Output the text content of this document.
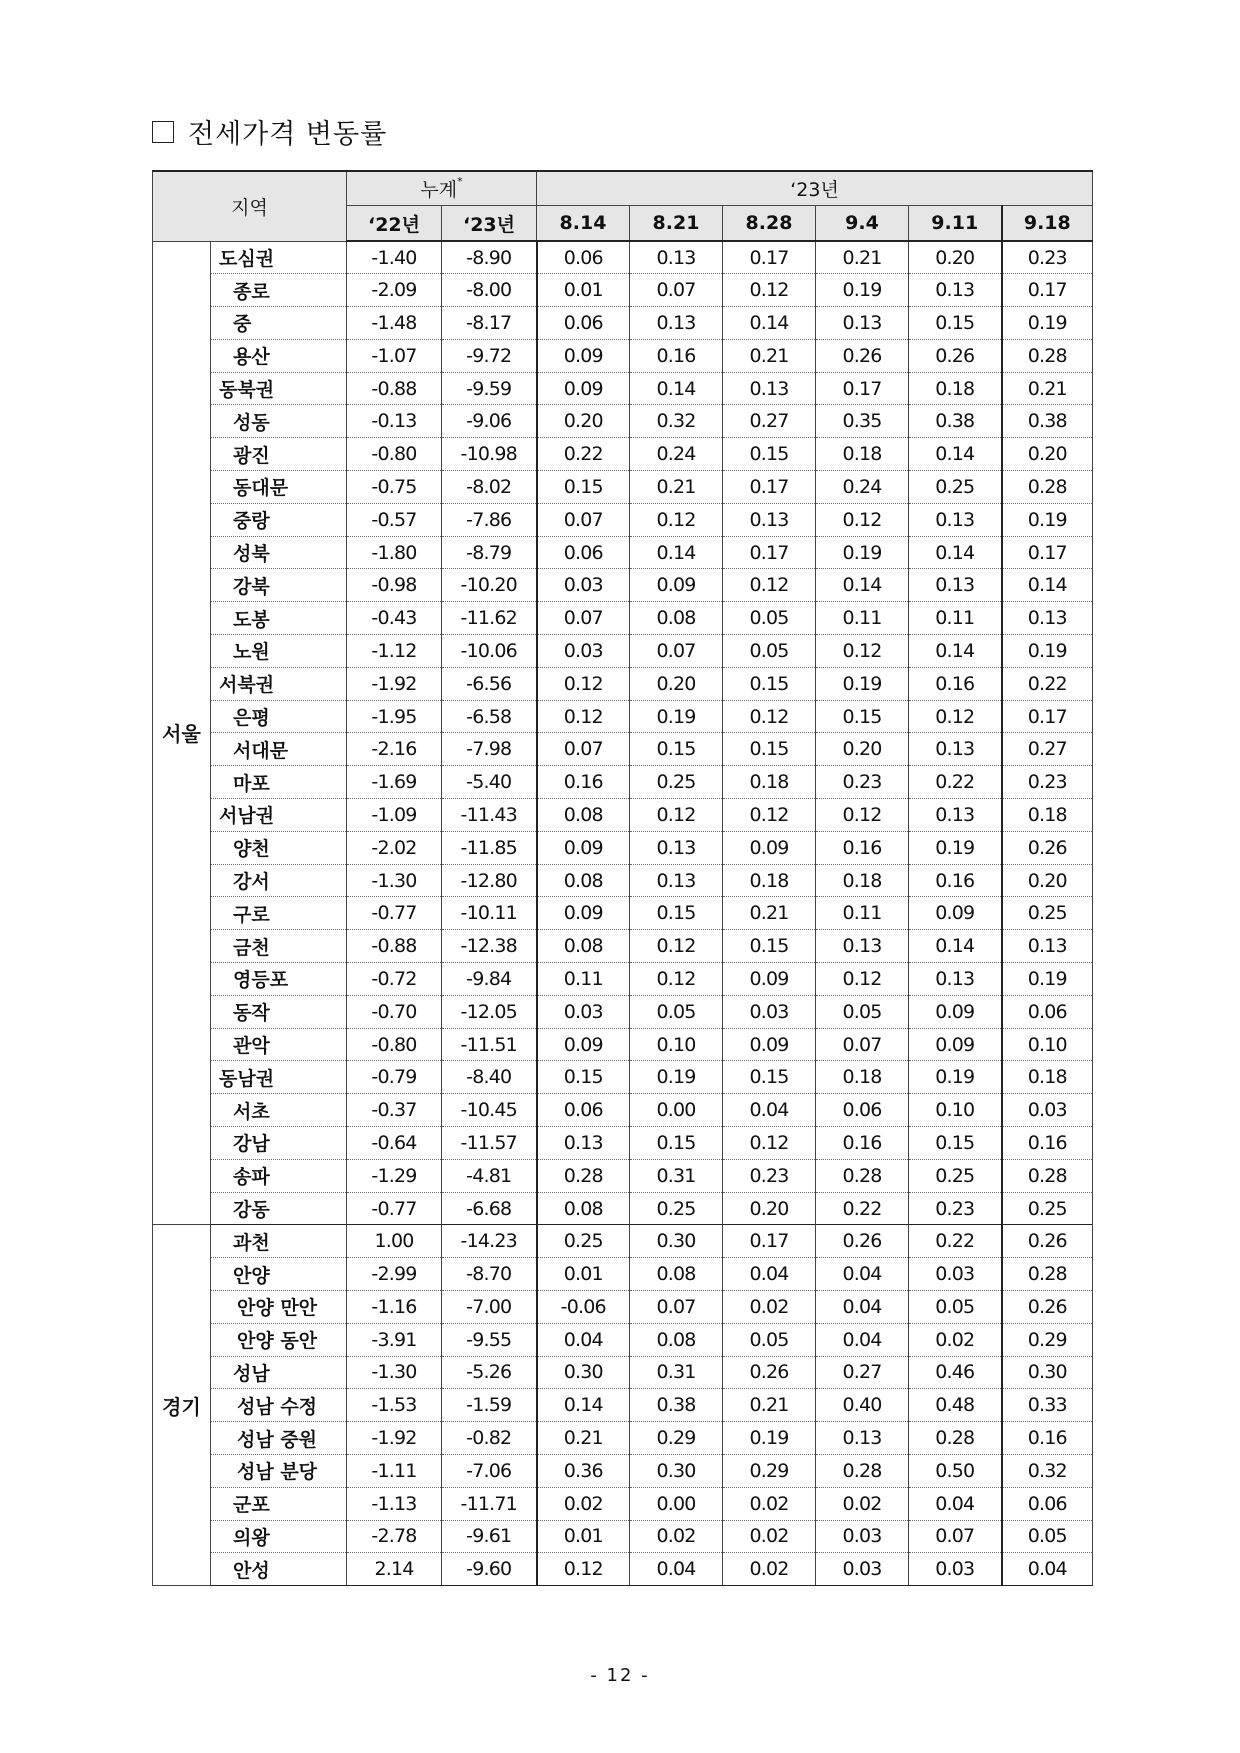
전세가격 변동률
지역		누계*		‘23년					
		‘22년	‘23년	8.14	8.21	8.28	9.4	9.11	9.18
서울	도심권	-1.40	-8.90	0.06	0.13	0.17	0.21	0.20	0.23
	종로	-2.09	-8.00	0.01	0.07	0.12	0.19	0.13	0.17
	중	-1.48	-8.17	0.06	0.13	0.14	0.13	0.15	0.19
	용산	-1.07	-9.72	0.09	0.16	0.21	0.26	0.26	0.28
	동북권	-0.88	-9.59	0.09	0.14	0.13	0.17	0.18	0.21
	성동	-0.13	-9.06	0.20	0.32	0.27	0.35	0.38	0.38
	광진	-0.80	-10.98	0.22	0.24	0.15	0.18	0.14	0.20
	동대문	-0.75	-8.02	0.15	0.21	0.17	0.24	0.25	0.28
	중랑	-0.57	-7.86	0.07	0.12	0.13	0.12	0.13	0.19
	성북	-1.80	-8.79	0.06	0.14	0.17	0.19	0.14	0.17
	강북	-0.98	-10.20	0.03	0.09	0.12	0.14	0.13	0.14
	도봉	-0.43	-11.62	0.07	0.08	0.05	0.11	0.11	0.13
	노원	-1.12	-10.06	0.03	0.07	0.05	0.12	0.14	0.19
	서북권	-1.92	-6.56	0.12	0.20	0.15	0.19	0.16	0.22
	은평	-1.95	-6.58	0.12	0.19	0.12	0.15	0.12	0.17
	서대문	-2.16	-7.98	0.07	0.15	0.15	0.20	0.13	0.27
	마포	-1.69	-5.40	0.16	0.25	0.18	0.23	0.22	0.23
	서남권	-1.09	-11.43	0.08	0.12	0.12	0.12	0.13	0.18
	양천	-2.02	-11.85	0.09	0.13	0.09	0.16	0.19	0.26
	강서	-1.30	-12.80	0.08	0.13	0.18	0.18	0.16	0.20
	구로	-0.77	-10.11	0.09	0.15	0.21	0.11	0.09	0.25
	금천	-0.88	-12.38	0.08	0.12	0.15	0.13	0.14	0.13
	영등포	-0.72	-9.84	0.11	0.12	0.09	0.12	0.13	0.19
	동작	-0.70	-12.05	0.03	0.05	0.03	0.05	0.09	0.06
	관악	-0.80	-11.51	0.09	0.10	0.09	0.07	0.09	0.10
	동남권	-0.79	-8.40	0.15	0.19	0.15	0.18	0.19	0.18
	서초	-0.37	-10.45	0.06	0.00	0.04	0.06	0.10	0.03
	강남	-0.64	-11.57	0.13	0.15	0.12	0.16	0.15	0.16
	송파	-1.29	-4.81	0.28	0.31	0.23	0.28	0.25	0.28
	강동	-0.77	-6.68	0.08	0.25	0.20	0.22	0.23	0.25
경기	과천	1.00	-14.23	0.25	0.30	0.17	0.26	0.22	0.26
	안양	-2.99	-8.70	0.01	0.08	0.04	0.04	0.03	0.28
	안양 만안	-1.16	-7.00	-0.06	0.07	0.02	0.04	0.05	0.26
	안양 동안	-3.91	-9.55	0.04	0.08	0.05	0.04	0.02	0.29
	성남	-1.30	-5.26	0.30	0.31	0.26	0.27	0.46	0.30
	성남 수정	-1.53	-1.59	0.14	0.38	0.21	0.40	0.48	0.33
	성남 중원	-1.92	-0.82	0.21	0.29	0.19	0.13	0.28	0.16
	성남 분당	-1.11	-7.06	0.36	0.30	0.29	0.28	0.50	0.32
	군포	-1.13	-11.71	0.02	0.00	0.02	0.02	0.04	0.06
	의왕	-2.78	-9.61	0.01	0.02	0.02	0.03	0.07	0.05
	안성	2.14	-9.60	0.12	0.04	0.02	0.03	0.03	0.04
- 12 -
